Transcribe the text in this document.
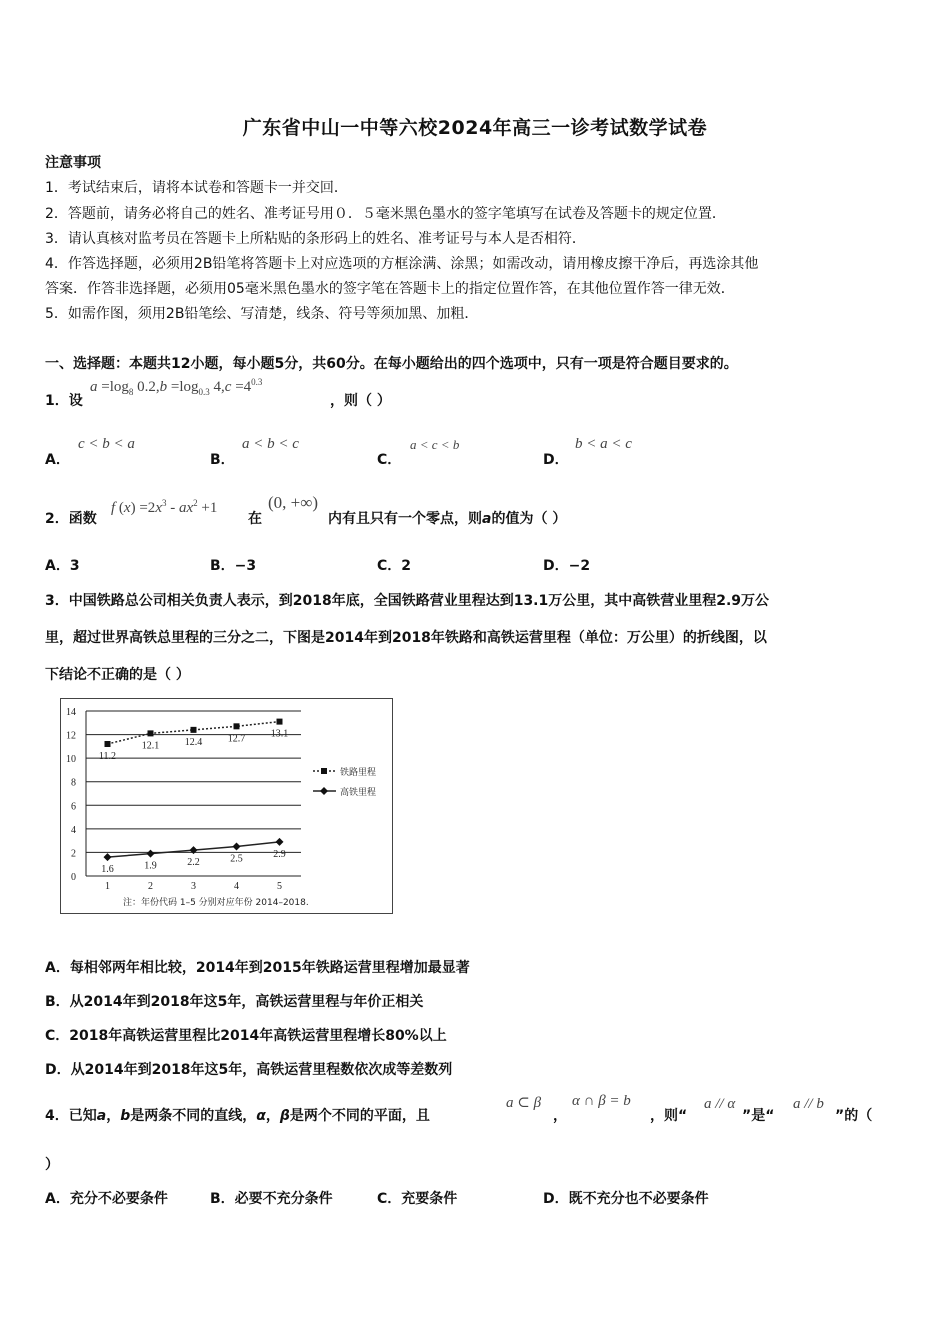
广东省中山一中等六校2024年高三一诊考试数学试卷
注意事项
1．考试结束后，请将本试卷和答题卡一并交回．
2．答题前，请务必将自己的姓名、准考证号用０．５毫米黑色墨水的签字笔填写在试卷及答题卡的规定位置．
3．请认真核对监考员在答题卡上所粘贴的条形码上的姓名、准考证号与本人是否相符．
4．作答选择题，必须用2B铅笔将答题卡上对应选项的方框涂满、涂黑；如需改动，请用橡皮擦干净后，再选涂其他
答案．作答非选择题，必须用05毫米黑色墨水的签字笔在答题卡上的指定位置作答，在其他位置作答一律无效．
5．如需作图，须用2B铅笔绘、写清楚，线条、符号等须加黑、加粗．
一、选择题：本题共12小题，每小题5分，共60分。在每小题给出的四个选项中，只有一项是符合题目要求的。
1．设
$a =\log_8$ $0.2,b =\log_{0.3}$ $4,c =4^{0.3}$
，则（ ）
A．
c < b < a
B．
a < b < c
C．
a < c < b
D．
b < a < c
2．函数
f $(x) =2x^3 - ax^2 +1$
在
(0, +∞)
内有且只有一个零点，则a的值为（ ）
A．3	B．−3	C．2	D．−2
3．中国铁路总公司相关负责人表示，到2018年底，全国铁路营业里程达到13.1万公里，其中高铁营业里程2.9万公
里，超过世界高铁总里程的三分之二，下图是2014年到2018年铁路和高铁运营里程（单位：万公里）的折线图，以
下结论不正确的是（ ）
0
2
4
6
8
10
12
14
1	2	3	4	5
11.2
12.1	12.4	12.7	13.1
1.6	1.9	2.2	2.5	2.9
铁路里程
高铁里程
注：年份代码 1–5 分别对应年份 2014–2018.
A．每相邻两年相比较，2014年到2015年铁路运营里程增加最显著
B．从2014年到2018年这5年，高铁运营里程与年价正相关
C．2018年高铁运营里程比2014年高铁运营里程增长80%以上
D．从2014年到2018年这5年，高铁运营里程数依次成等差数列
4．已知a，b是两条不同的直线，α，β是两个不同的平面，且
a ⊂ β
，
α ∩ β = b
，则“
a // α
”是“
a // b
”的（
）
A．充分不必要条件	B．必要不充分条件	C．充要条件	D．既不充分也不必要条件
